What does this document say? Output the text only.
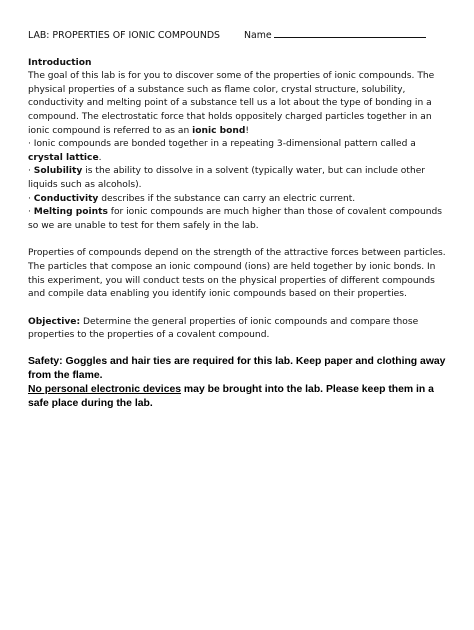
LAB: PROPERTIES OF IONIC COMPOUNDS	Name

Introduction

The goal of this lab is for you to discover some of the properties of ionic compounds. The physical properties of a substance such as flame color, crystal structure, solubility, conductivity and melting point of a substance tell us a lot about the type of bonding in a compound. The electrostatic force that holds oppositely charged particles together in an ionic compound is referred to as an ionic bond!

· Ionic compounds are bonded together in a repeating 3-dimensional pattern called a crystal lattice.

· Solubility is the ability to dissolve in a solvent (typically water, but can include other liquids such as alcohols).

· Conductivity describes if the substance can carry an electric current.

· Melting points for ionic compounds are much higher than those of covalent compounds so we are unable to test for them safely in the lab.

Properties of compounds depend on the strength of the attractive forces between particles. The particles that compose an ionic compound (ions) are held together by ionic bonds. In this experiment, you will conduct tests on the physical properties of different compounds and compile data enabling you identify ionic compounds based on their properties.

Objective: Determine the general properties of ionic compounds and compare those properties to the properties of a covalent compound.

Safety: Goggles and hair ties are required for this lab. Keep paper and clothing away from the flame.

No personal electronic devices may be brought into the lab. Please keep them in a safe place during the lab.
